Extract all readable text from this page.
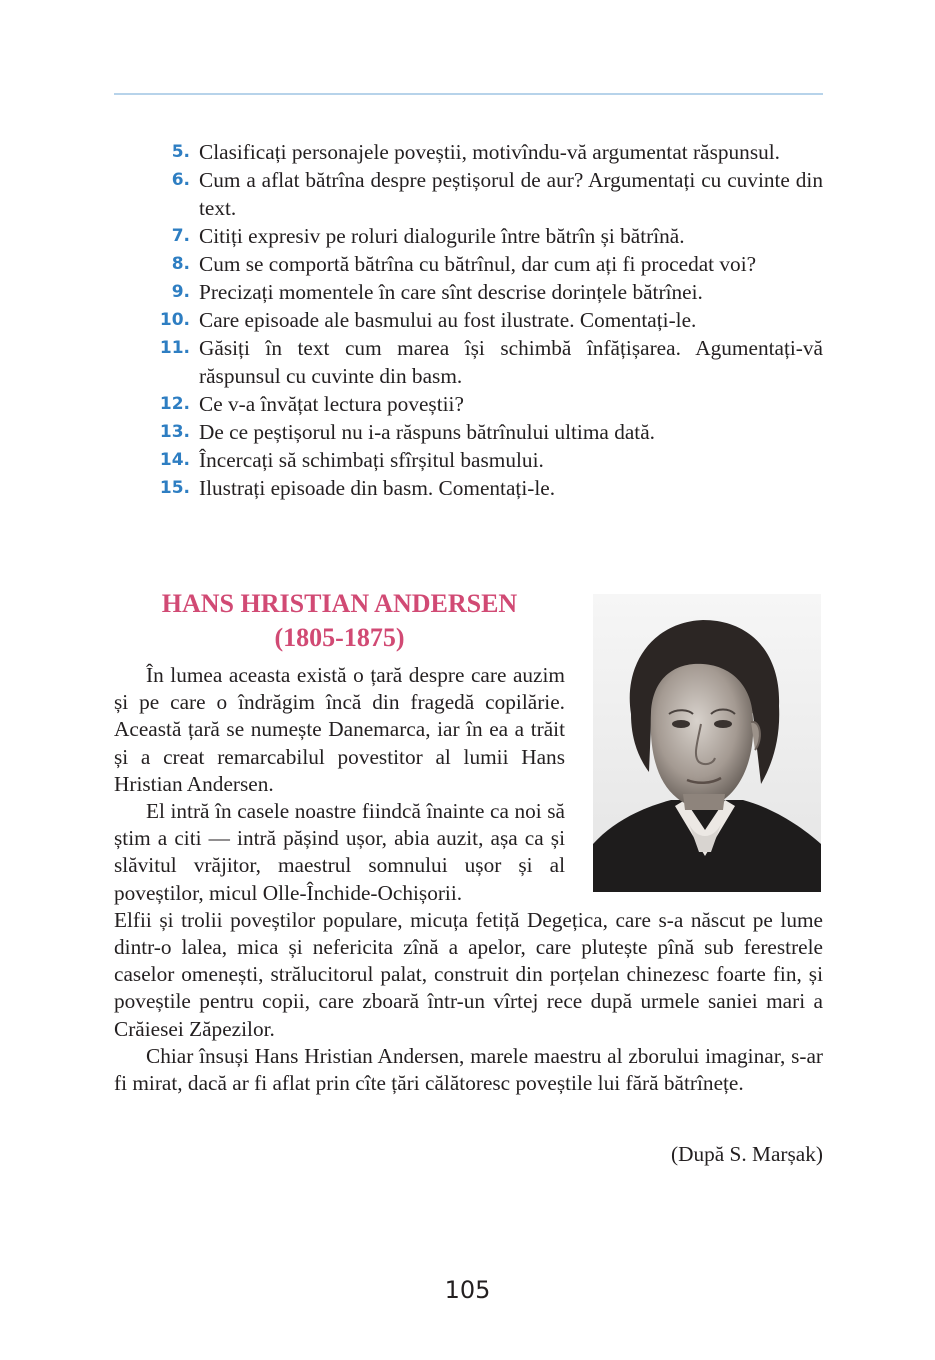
5. Clasificați personajele poveștii, motivîndu-vă argumentat răspunsul.
6. Cum a aflat bătrîna despre peștișorul de aur? Argumentați cu cuvinte din text.
7. Citiți expresiv pe roluri dialogurile între bătrîn și bătrînă.
8. Cum se comportă bătrîna cu bătrînul, dar cum ați fi procedat voi?
9. Precizați momentele în care sînt descrise dorințele bătrînei.
10. Care episoade ale basmului au fost ilustrate. Comentați-le.
11. Găsiți în text cum marea își schimbă înfățișarea. Agumentați-vă răspunsul cu cuvinte din basm.
12. Ce v-a învățat lectura poveștii?
13. De ce peștișorul nu i-a răspuns bătrînului ultima dată.
14. Încercați să schimbați sfîrșitul basmului.
15. Ilustrați episoade din basm. Comentați-le.
HANS HRISTIAN ANDERSEN
(1805-1875)

În lumea aceasta există o țară despre care auzim și pe care o îndrăgim încă din fragedă copilărie. Această țară se numește Danemarca, iar în ea a trăit și a creat remarcabilul povestitor al lumii Hans Hristian Andersen.

El intră în casele noastre fiindcă înainte ca noi să știm a citi — intră pășind ușor, abia auzit, așa ca și slăvitul vrăjitor, maestrul somnului ușor și al poveștilor, micul Olle-Închide-Ochișorii.

Elfii și trolii poveștilor populare, micuța fetiță Degețica, care s-a născut pe lume dintr-o lalea, mica și nefericita zînă a apelor, care plutește pînă sub ferestrele caselor omenești, strălucitorul palat, construit din porțelan chinezesc foarte fin, și poveștile pentru copii, care zboară într-un vîrtej rece după urmele saniei mari a Crăiesei Zăpezilor.

Chiar însuși Hans Hristian Andersen, marele maestru al zborului imaginar, s-ar fi mirat, dacă ar fi aflat prin cîte țări călătoresc poveștile lui fără bătrînețe.

(După S. Marșak)
105
